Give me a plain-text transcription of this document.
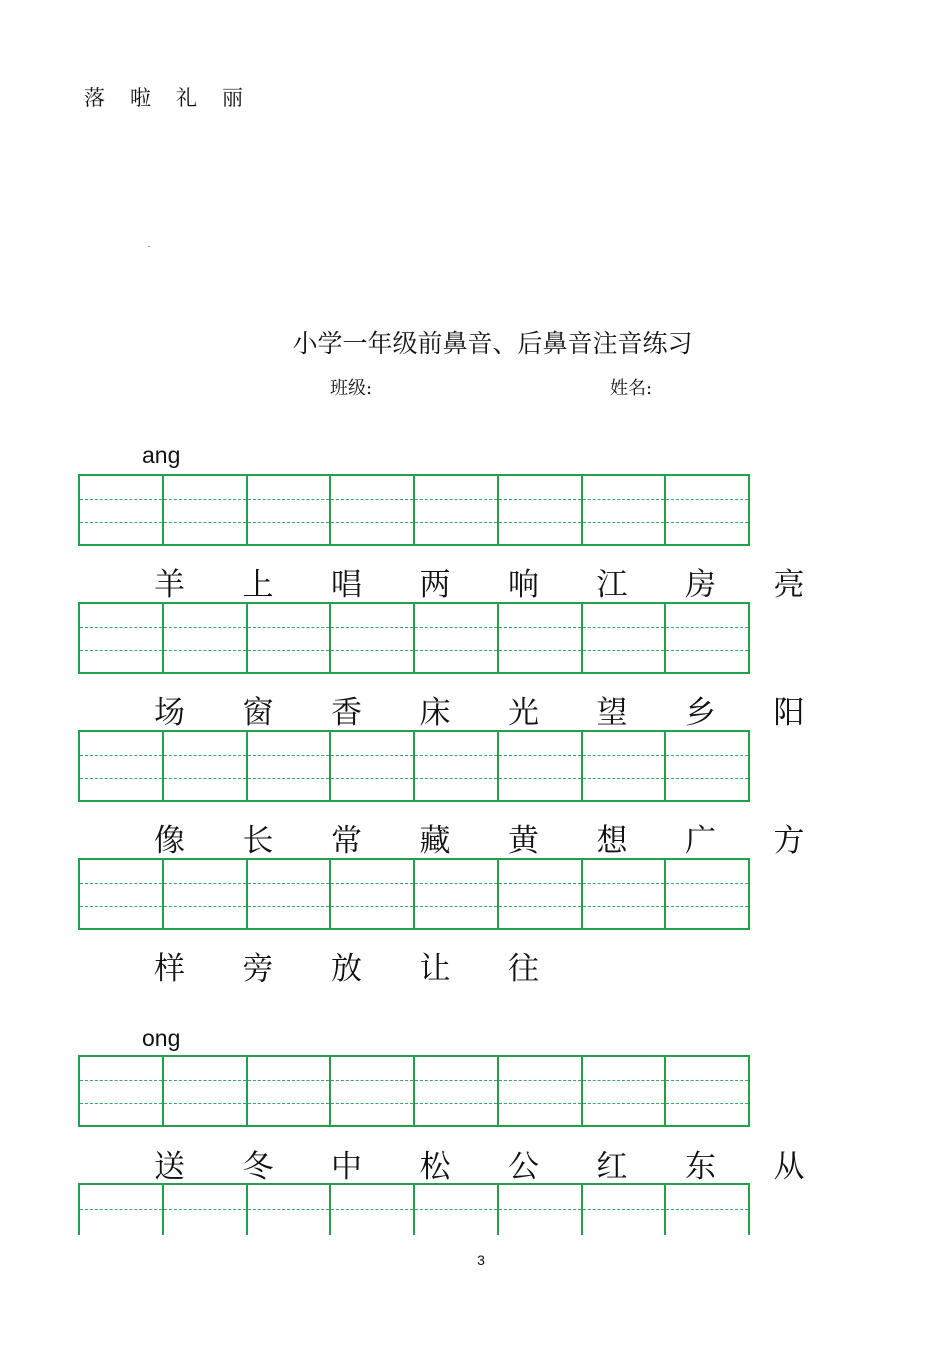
落 啦 礼 丽
小学一年级前鼻音、后鼻音注音练习
班级:	姓名:
ang
羊	上	唱	两	响	江	房	亮
场	窗	香	床	光	望	乡	阳
像	长	常	藏	黄	想	广	方
样	旁	放	让	往
ong
送	冬	中	松	公	红	东	从
3
